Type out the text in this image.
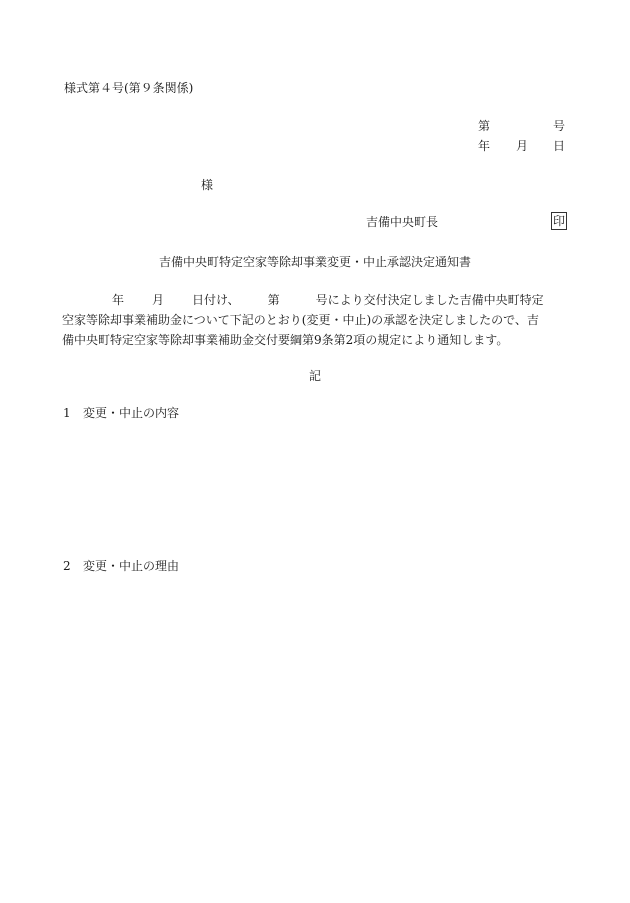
様式第４号(第９条関係)
第	号
年 月 日
様
吉備中央町長	印
吉備中央町特定空家等除却事業変更・中止承認決定通知書
年 月 日付け、 第	号により交付決定しました吉備中央町特定
空家等除却事業補助金について下記のとおり(変更・中止)の承認を決定しましたので、吉
備中央町特定空家等除却事業補助金交付要綱第9条第2項の規定により通知します。
記
1 変更・中止の内容
2 変更・中止の理由
